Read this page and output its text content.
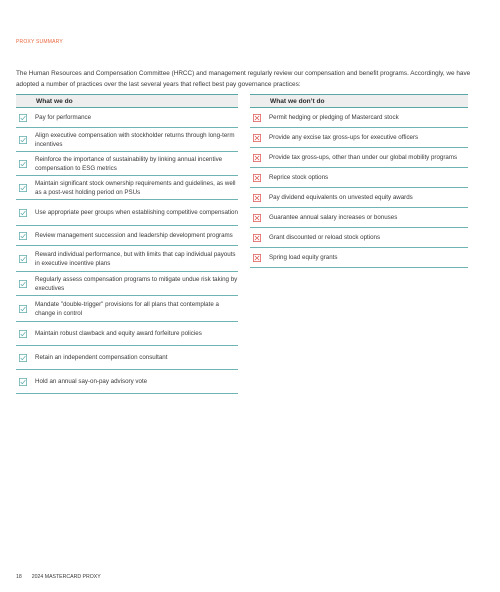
PROXY SUMMARY

The Human Resources and Compensation Committee (HRCC) and management regularly review our compensation and benefit programs. Accordingly, we have adopted a number of practices over the last several years that reflect best pay governance practices:

What we do
Pay for performance
Align executive compensation with stockholder returns through long-term incentives
Reinforce the importance of sustainability by linking annual incentive compensation to ESG metrics
Maintain significant stock ownership requirements and guidelines, as well as a post-vest holding period on PSUs
Use appropriate peer groups when establishing competitive compensation
Review management succession and leadership development programs
Reward individual performance, but with limits that cap individual payouts in executive incentive plans
Regularly assess compensation programs to mitigate undue risk taking by executives
Mandate "double-trigger" provisions for all plans that contemplate a change in control
Maintain robust clawback and equity award forfeiture policies
Retain an independent compensation consultant
Hold an annual say-on-pay advisory vote
What we don’t do
Permit hedging or pledging of Mastercard stock
Provide any excise tax gross-ups for executive officers
Provide tax gross-ups, other than under our global mobility programs
Reprice stock options
Pay dividend equivalents on unvested equity awards
Guarantee annual salary increases or bonuses
Grant discounted or reload stock options
Spring load equity grants
18 2024 MASTERCARD PROXY
